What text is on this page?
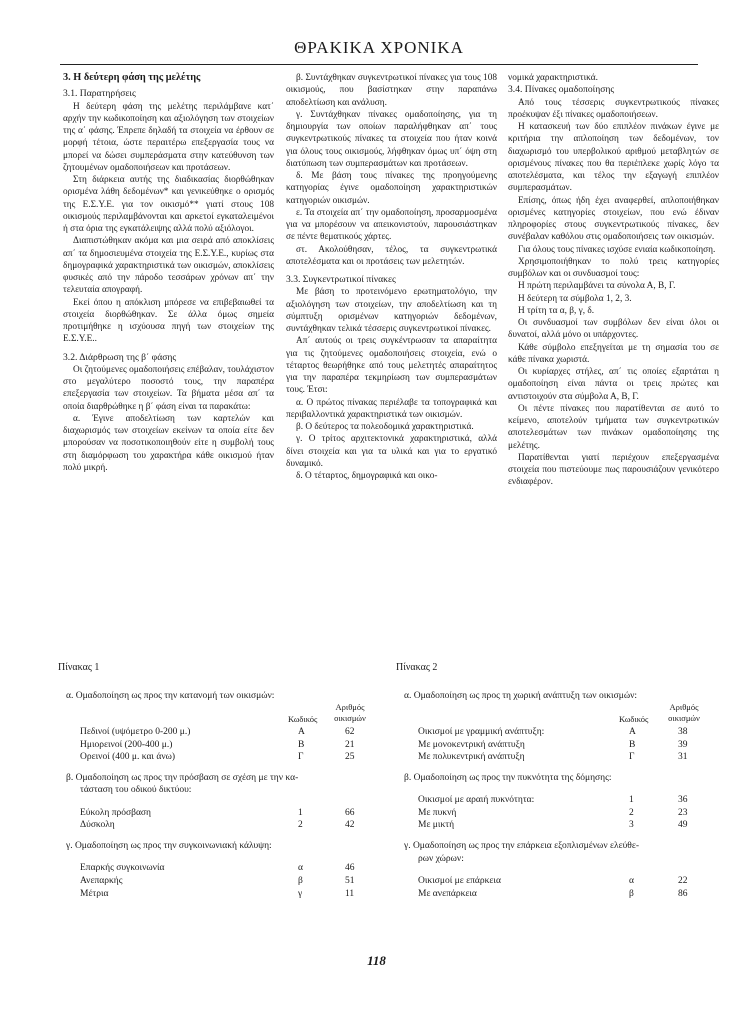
ΘΡΑΚΙΚΑ ΧΡΟΝΙΚΑ
3. Η δεύτερη φάση της μελέτης
3.1. Παρατηρήσεις

Η δεύτερη φάση της μελέτης περιλάμβανε κατ΄ αρχήν την κωδικοποίηση και αξιολόγηση των στοιχείων της α΄ φάσης. Έπρεπε δηλαδή τα στοιχεία να έρθουν σε μορφή τέτοια, ώστε περαιτέρω επεξεργασία τους να μπορεί να δώσει συμπεράσματα στην κατεύθυνση των ζητουμένων ομαδοποιήσεων και προτάσεων.

Στη διάρκεια αυτής της διαδικασίας διορθώθηκαν ορισμένα λάθη δεδομένων* και γενικεύθηκε ο ορισμός της Ε.Σ.Υ.Ε. για τον οικισμό** γιατί στους 108 οικισμούς περιλαμβάνονται και αρκετοί εγκαταλειμένοι ή στα όρια της εγκατάλειψης αλλά πολύ αξιόλογοι.

Διαπιστώθηκαν ακόμα και μια σειρά από αποκλίσεις απ΄ τα δημοσιευμένα στοιχεία της Ε.Σ.Υ.Ε., κυρίως στα δημογραφικά χαρακτηριστικά των οικισμών, αποκλίσεις φυσικές από την πάροδο τεσσάρων χρόνων απ΄ την τελευταία απογραφή.

Εκεί όπου η απόκλιση μπόρεσε να επιβεβαιωθεί τα στοιχεία διορθώθηκαν. Σε άλλα όμως σημεία προτιμήθηκε η ισχύουσα πηγή των στοιχείων της Ε.Σ.Υ.Ε..

3.2. Διάρθρωση της β΄ φάσης

Οι ζητούμενες ομαδοποιήσεις επέβαλαν, τουλάχιστον στο μεγαλύτερο ποσοστό τους, την παραπέρα επεξεργασία των στοιχείων. Τα βήματα μέσα απ΄ τα οποία διαρθρώθηκε η β΄ φάση είναι τα παρακάτω:

α. Έγινε αποδελτίωση των καρτελών και διαχωρισμός των στοιχείων εκείνων τα οποία είτε δεν μπορούσαν να ποσοτικοποιηθούν είτε η συμβολή τους στη διαμόρφωση του χαρακτήρα κάθε οικισμού ήταν πολύ μικρή.

β. Συντάχθηκαν συγκεντρωτικοί πίνακες για τους 108 οικισμούς, που βασίστηκαν στην παραπάνω αποδελτίωση και ανάλυση.

γ. Συντάχθηκαν πίνακες ομαδοποίησης, για τη δημιουργία των οποίων παραλήφθηκαν απ΄ τους συγκεντρωτικούς πίνακες τα στοιχεία που ήταν κοινά για όλους τους οικισμούς, λήφθηκαν όμως υπ΄ όψη στη διατύπωση των συμπερασμάτων και προτάσεων.

δ. Με βάση τους πίνακες της προηγούμενης κατηγορίας έγινε ομαδοποίηση χαρακτηριστικών κατηγοριών οικισμών.

ε. Τα στοιχεία απ΄ την ομαδοποίηση, προσαρμοσμένα για να μπορέσουν να απεικονιστούν, παρουσιάστηκαν σε πέντε θεματικούς χάρτες.

στ. Ακολούθησαν, τέλος, τα συγκεντρωτικά αποτελέσματα και οι προτάσεις των μελετητών.

3.3. Συγκεντρωτικοί πίνακες

Με βάση το προτεινόμενο ερωτηματολόγιο, την αξιολόγηση των στοιχείων, την αποδελτίωση και τη σύμπτυξη ορισμένων κατηγοριών δεδομένων, συντάχθηκαν τελικά τέσσερις συγκεντρωτικοί πίνακες.

Απ΄ αυτούς οι τρεις συγκέντρωσαν τα απαραίτητα για τις ζητούμενες ομαδοποιήσεις στοιχεία, ενώ ο τέταρτος θεωρήθηκε από τους μελετητές απαραίτητος για την παραπέρα τεκμηρίωση των συμπερασμάτων τους. Έτσι:

α. Ο πρώτος πίνακας περιέλαβε τα τοπογραφικά και περιβαλλοντικά χαρακτηριστικά των οικισμών.

β. Ο δεύτερος τα πολεοδομικά χαρακτηριστικά.

γ. Ο τρίτος αρχιτεκτονικά χαρακτηριστικά, αλλά δίνει στοιχεία και για τα υλικά και για το εργατικό δυναμικό.

δ. Ο τέταρτος, δημογραφικά και οικο-

νομικά χαρακτηριστικά.

3.4. Πίνακες ομαδοποίησης

Από τους τέσσερις συγκεντρωτικούς πίνακες προέκυψαν έξι πίνακες ομαδοποιήσεων.

Η κατασκευή των δύο επιπλέον πινάκων έγινε με κριτήρια την απλοποίηση των δεδομένων, τον διαχωρισμό του υπερβολικού αριθμού μεταβλητών σε ορισμένους πίνακες που θα περιέπλεκε χωρίς λόγο τα αποτελέσματα, και τέλος την εξαγωγή επιπλέον συμπερασμάτων.

Επίσης, όπως ήδη έχει αναφερθεί, απλοποιήθηκαν ορισμένες κατηγορίες στοιχείων, που ενώ έδιναν πληροφορίες στους συγκεντρωτικούς πίνακες, δεν συνέβαλαν καθόλου στις ομαδοποιήσεις των οικισμών.

Για όλους τους πίνακες ισχύσε ενιαία κωδικοποίηση.

Χρησιμοποιήθηκαν το πολύ τρεις κατηγορίες συμβόλων και οι συνδυασμοί τους:

Η πρώτη περιλαμβάνει τα σύνολα Α, Β, Γ.

Η δεύτερη τα σύμβολα 1, 2, 3.

Η τρίτη τα α, β, γ, δ.

Οι συνδυασμοί των συμβόλων δεν είναι όλοι οι δυνατοί, αλλά μόνο οι υπάρχοντες.

Κάθε σύμβολο επεξηγείται με τη σημασία του σε κάθε πίνακα χωριστά.

Οι κυρίαρχες στήλες, απ΄ τις οποίες εξαρτάται η ομαδοποίηση είναι πάντα οι τρεις πρώτες και αντιστοιχούν στα σύμβολα Α, Β, Γ.

Οι πέντε πίνακες που παρατίθενται σε αυτό το κείμενο, αποτελούν τμήματα των συγκεντρωτικών αποτελεσμάτων των πινάκων ομαδοποίησης της μελέτης.

Παρατίθενται γιατί περιέχουν επεξεργασμένα στοιχεία που πιστεύουμε πως παρουσιάζουν γενικότερο ενδιαφέρον.

Πίνακας 1
α. Ομαδοποίηση ως προς την κατανομή των οικισμών:
Κωδικός
Αριθμός
οικισμών
Πεδινοί (υψόμετρο 0-200 μ.)	Α	62
Ημιορεινοί (200-400 μ.)	Β	21
Ορεινοί (400 μ. και άνω)	Γ	25
β. Ομαδοποίηση ως προς την πρόσβαση σε σχέση με την κα-
τάσταση του οδικού δικτύου:
Εύκολη πρόσβαση	1	66
Δύσκολη	2	42
γ. Ομαδοποίηση ως προς την συγκοινωνιακή κάλυψη:
Επαρκής συγκοινωνία	α	46
Ανεπαρκής	β	51
Μέτρια	γ	11
Πίνακας 2
α. Ομαδοποίηση ως προς τη χωρική ανάπτυξη των οικισμών:
Κωδικός
Αριθμός
οικισμών
Οικισμοί με γραμμική ανάπτυξη:	Α	38
Με μονοκεντρική ανάπτυξη	Β	39
Με πολυκεντρική ανάπτυξη	Γ	31
β. Ομαδοποίηση ως προς την πυκνότητα της δόμησης:
Οικισμοί με αραιή πυκνότητα:	1	36
Με πυκνή	2	23
Με μικτή	3	49
γ. Ομαδοποίηση ως προς την επάρκεια εξοπλισμένων ελεύθε-
ρων χώρων:
Οικισμοί με επάρκεια	α	22
Με ανεπάρκεια	β	86
118
